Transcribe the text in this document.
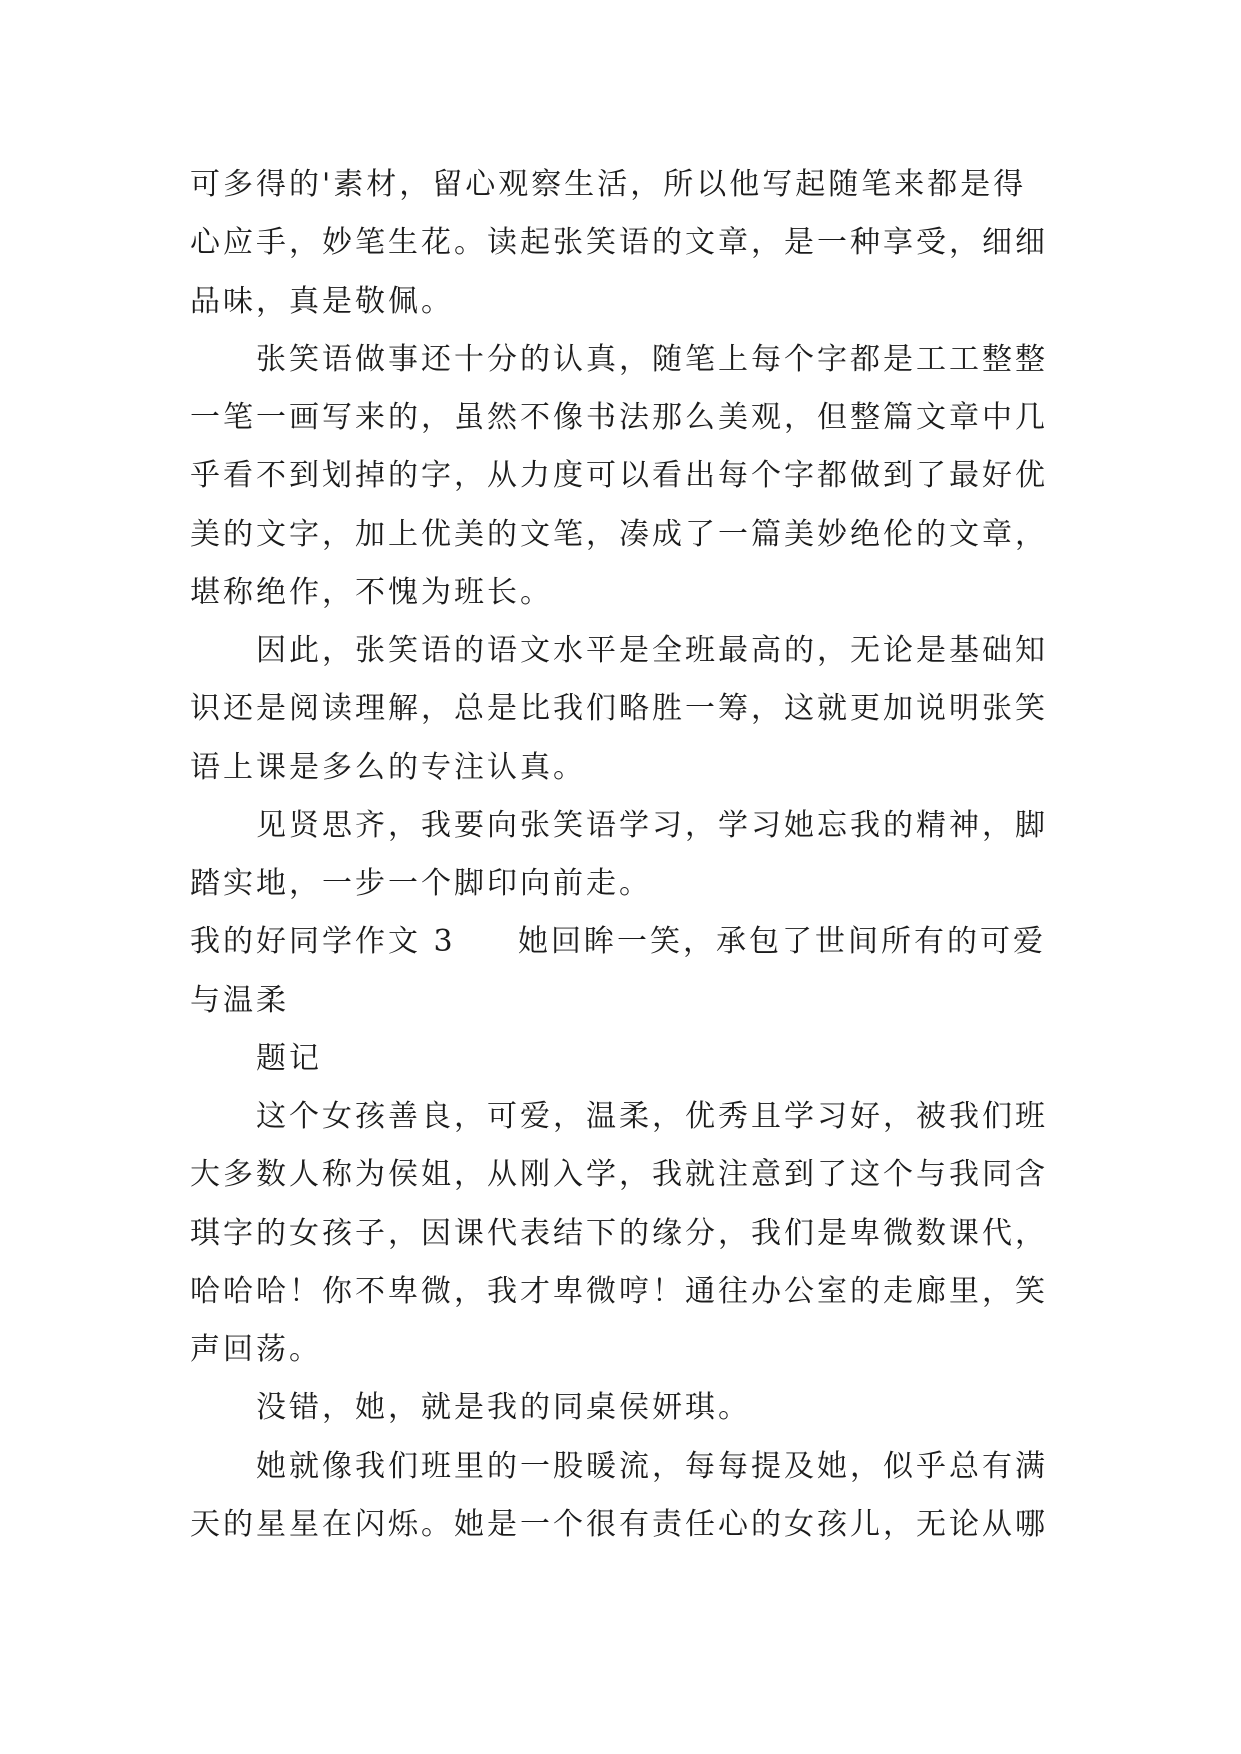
可多得的'素材，留心观察生活，所以他写起随笔来都是得
心应手，妙笔生花。读起张笑语的文章，是一种享受，细细
品味，真是敬佩。
张笑语做事还十分的认真，随笔上每个字都是工工整整
一笔一画写来的，虽然不像书法那么美观，但整篇文章中几
乎看不到划掉的字，从力度可以看出每个字都做到了最好优
美的文字，加上优美的文笔，凑成了一篇美妙绝伦的文章，
堪称绝作，不愧为班长。
因此，张笑语的语文水平是全班最高的，无论是基础知
识还是阅读理解，总是比我们略胜一筹，这就更加说明张笑
语上课是多么的专注认真。
见贤思齐，我要向张笑语学习，学习她忘我的精神，脚
踏实地，一步一个脚印向前走。
我的好同学作文 3 她回眸一笑，承包了世间所有的可爱
与温柔
题记
这个女孩善良，可爱，温柔，优秀且学习好，被我们班
大多数人称为侯姐，从刚入学，我就注意到了这个与我同含
琪字的女孩子，因课代表结下的缘分，我们是卑微数课代，
哈哈哈！你不卑微，我才卑微哼！通往办公室的走廊里，笑
声回荡。
没错，她，就是我的同桌侯妍琪。
她就像我们班里的一股暖流，每每提及她，似乎总有满
天的星星在闪烁。她是一个很有责任心的女孩儿，无论从哪
